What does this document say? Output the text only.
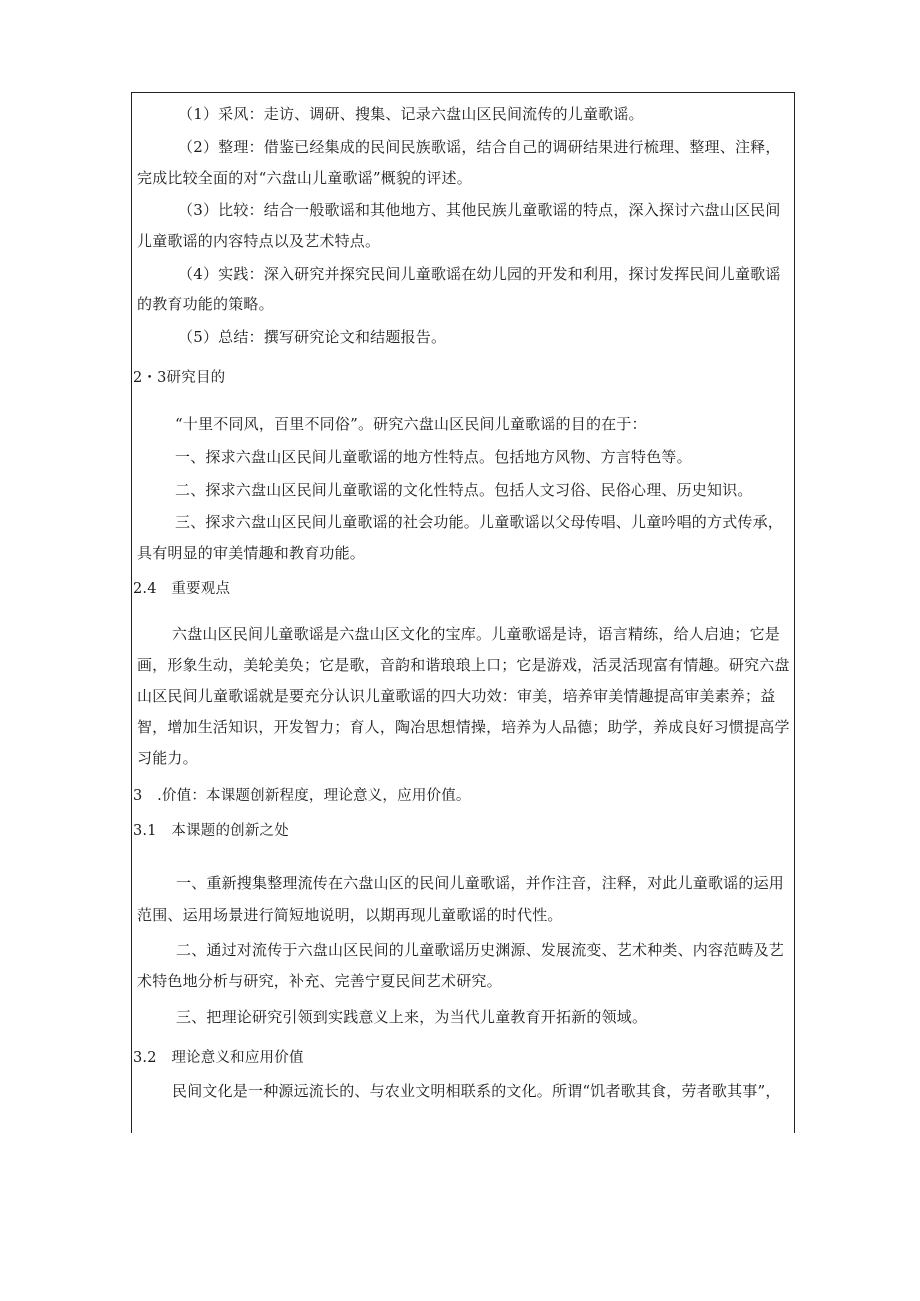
（1）采风：走访、调研、搜集、记录六盘山区民间流传的儿童歌谣。
（2）整理：借鉴已经集成的民间民族歌谣，结合自己的调研结果进行梳理、整理、注释，
完成比较全面的对“六盘山儿童歌谣”概貌的评述。
（3）比较：结合一般歌谣和其他地方、其他民族儿童歌谣的特点，深入探讨六盘山区民间
儿童歌谣的内容特点以及艺术特点。
（4）实践：深入研究并探究民间儿童歌谣在幼儿园的开发和利用，探讨发挥民间儿童歌谣
的教育功能的策略。
（5）总结：撰写研究论文和结题报告。
2・3研究目的
“十里不同风，百里不同俗”。研究六盘山区民间儿童歌谣的目的在于：
一、探求六盘山区民间儿童歌谣的地方性特点。包括地方风物、方言特色等。
二、探求六盘山区民间儿童歌谣的文化性特点。包括人文习俗、民俗心理、历史知识。
三、探求六盘山区民间儿童歌谣的社会功能。儿童歌谣以父母传唱、儿童吟唱的方式传承，
具有明显的审美情趣和教育功能。
2.4　重要观点
六盘山区民间儿童歌谣是六盘山区文化的宝库。儿童歌谣是诗，语言精练，给人启迪；它是
画，形象生动，美轮美奂；它是歌，音韵和谐琅琅上口；它是游戏，活灵活现富有情趣。研究六盘
山区民间儿童歌谣就是要充分认识儿童歌谣的四大功效：审美，培养审美情趣提高审美素养；益
智，增加生活知识，开发智力；育人，陶冶思想情操，培养为人品德；助学，养成良好习惯提高学
习能力。
3　.价值：本课题创新程度，理论意义，应用价值。
3.1　本课题的创新之处
一、重新搜集整理流传在六盘山区的民间儿童歌谣，并作注音，注释，对此儿童歌谣的运用
范围、运用场景进行简短地说明，以期再现儿童歌谣的时代性。
二、通过对流传于六盘山区民间的儿童歌谣历史渊源、发展流变、艺术种类、内容范畴及艺
术特色地分析与研究，补充、完善宁夏民间艺术研究。
三、把理论研究引领到实践意义上来，为当代儿童教育开拓新的领域。
3.2　理论意义和应用价值
民间文化是一种源远流长的、与农业文明相联系的文化。所谓“饥者歌其食，劳者歌其事”，
